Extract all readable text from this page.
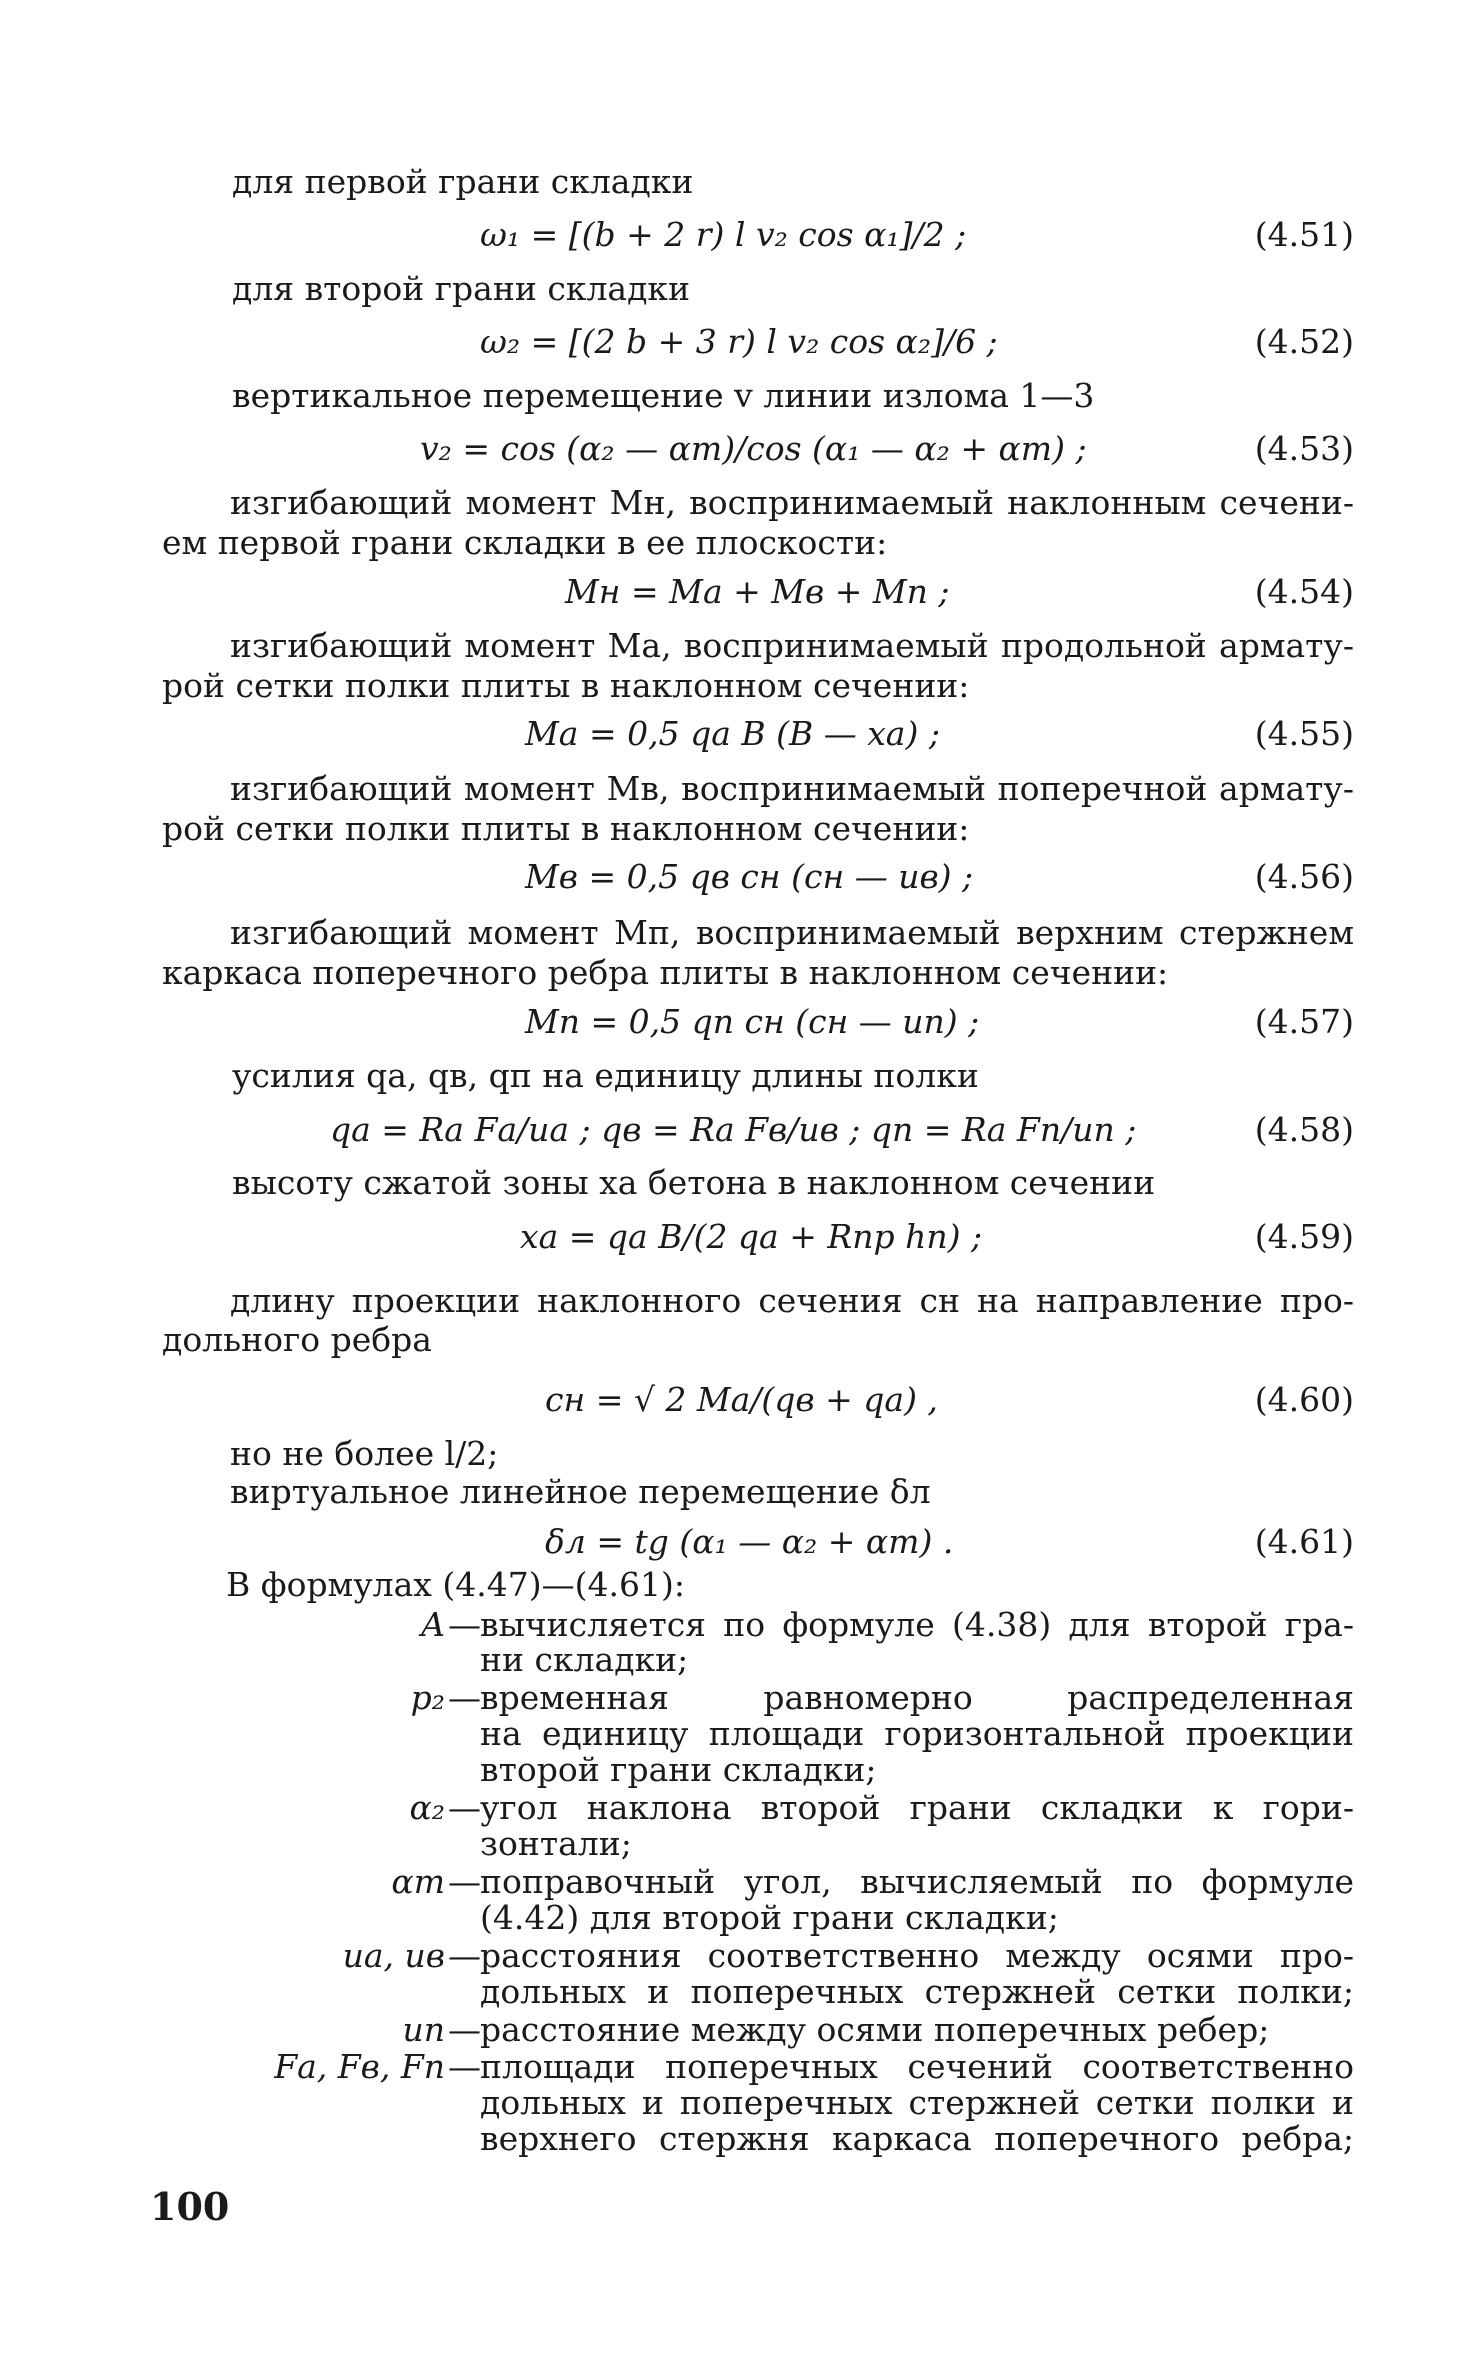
для первой грани складки
ω₁ = [(b + 2 r) l v₂ cos α₁]/2 ;	(4.51)
для второй грани складки
ω₂ = [(2 b + 3 r) l v₂ cos α₂]/6 ;	(4.52)
вертикальное перемещение v линии излома 1—3
v₂ = cos (α₂ — αт)/cos (α₁ — α₂ + αт) ;	(4.53)
изгибающий момент Mн, воспринимаемый наклонным сечени-
ем первой грани складки в ее плоскости:
Mн = Mа + Mв + Mп ;	(4.54)
изгибающий момент Mа, воспринимаемый продольной армату-
рой сетки полки плиты в наклонном сечении:
Mа = 0,5 qа B (B — xа) ;	(4.55)
изгибающий момент Mв, воспринимаемый поперечной армату-
рой сетки полки плиты в наклонном сечении:
Mв = 0,5 qв cн (cн — uв) ;	(4.56)
изгибающий момент Mп, воспринимаемый верхним стержнем
каркаса поперечного ребра плиты в наклонном сечении:
Mп = 0,5 qп cн (cн — uп) ;	(4.57)
усилия qа, qв, qп на единицу длины полки
qа = Rа Fа/uа ; qв = Rа Fв/uв ; qп = Rа Fп/uп ;	(4.58)
высоту сжатой зоны xа бетона в наклонном сечении
xа = qа B/(2 qа + Rпр hп) ;	(4.59)
длину проекции наклонного сечения cн на направление про-
дольного ребра
cн = √ 2 Mа/(qв + qа) ,	(4.60)
но не более l/2;
виртуальное линейное перемещение δл
δл = tg (α₁ — α₂ + αт) .	(4.61)
В формулах (4.47)—(4.61):
A — вычисляется по формуле (4.38) для второй гра-
ни складки;
p₂ — временная равномерно распределенная
на единицу площади горизонтальной проекции
второй грани складки;
α₂ — угол наклона второй грани складки к гори-
зонтали;
αт — поправочный угол, вычисляемый по формуле
(4.42) для второй грани складки;
uа, uв — расстояния соответственно между осями про-
дольных и поперечных стержней сетки полки;
uп — расстояние между осями поперечных ребер;
Fа, Fв, Fп — площади поперечных сечений соответственно
дольных и поперечных стержней сетки полки и
верхнего стержня каркаса поперечного ребра;
100
